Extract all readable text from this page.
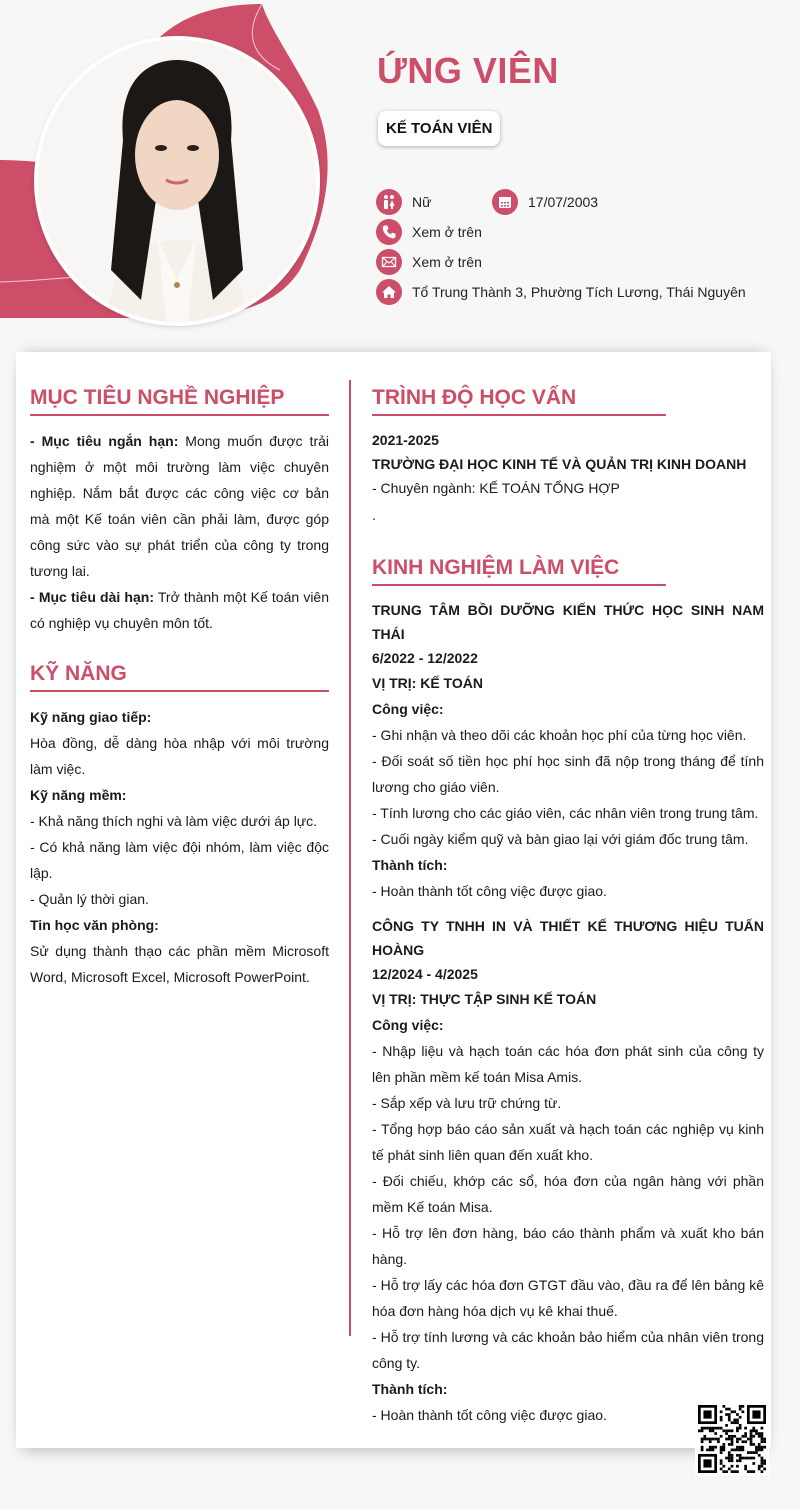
ỨNG VIÊN
KẾ TOÁN VIÊN
Nữ	17/07/2003
Xem ở trên
Xem ở trên
Tổ Trung Thành 3, Phường Tích Lương, Thái Nguyên
MỤC TIÊU NGHỀ NGHIỆP

- Mục tiêu ngắn hạn: Mong muốn được trải nghiệm ở một môi trường làm việc chuyên nghiệp. Nắm bắt được các công việc cơ bản mà một Kế toán viên cần phải làm, được góp công sức vào sự phát triển của công ty trong tương lai.

- Mục tiêu dài hạn: Trở thành một Kế toán viên có nghiệp vụ chuyên môn tốt.

KỸ NĂNG
Kỹ năng giao tiếp:
Hòa đồng, dễ dàng hòa nhập với môi trường làm việc.
Kỹ năng mềm:
- Khả năng thích nghi và làm việc dưới áp lực.
- Có khả năng làm việc đội nhóm, làm việc độc lập.
- Quản lý thời gian.
Tin học văn phòng:
Sử dụng thành thạo các phần mềm Microsoft Word, Microsoft Excel, Microsoft PowerPoint.
TRÌNH ĐỘ HỌC VẤN
2021-2025
TRƯỜNG ĐẠI HỌC KINH TẾ VÀ QUẢN TRỊ KINH DOANH
- Chuyên ngành: KẾ TOÁN TỔNG HỢP
.
KINH NGHIỆM LÀM VIỆC
TRUNG TÂM BỒI DƯỠNG KIẾN THỨC HỌC SINH NAM THÁI
6/2022 - 12/2022
VỊ TRỊ: KẾ TOÁN
Công việc:
- Ghi nhận và theo dõi các khoản học phí của từng học viên.
- Đối soát số tiền học phí học sinh đã nộp trong tháng để tính lương cho giáo viên.
- Tính lương cho các giáo viên, các nhân viên trong trung tâm.
- Cuối ngày kiểm quỹ và bàn giao lại với giám đốc trung tâm.
Thành tích:
- Hoàn thành tốt công việc được giao.
CÔNG TY TNHH IN VÀ THIẾT KẾ THƯƠNG HIỆU TUẤN HOÀNG
12/2024 - 4/2025
VỊ TRỊ: THỰC TẬP SINH KẾ TOÁN
Công việc:
- Nhập liệu và hạch toán các hóa đơn phát sinh của công ty lên phần mềm kế toán Misa Amis.
- Sắp xếp và lưu trữ chứng từ.
- Tổng hợp báo cáo sản xuất và hạch toán các nghiệp vụ kinh tế phát sinh liên quan đến xuất kho.
- Đối chiếu, khớp các sổ, hóa đơn của ngân hàng với phần mềm Kế toán Misa.
- Hỗ trợ lên đơn hàng, báo cáo thành phẩm và xuất kho bán hàng.
- Hỗ trợ lấy các hóa đơn GTGT đầu vào, đầu ra để lên bảng kê hóa đơn hàng hóa dịch vụ kê khai thuế.
- Hỗ trợ tính lương và các khoản bảo hiểm của nhân viên trong công ty.
Thành tích:
- Hoàn thành tốt công việc được giao.
